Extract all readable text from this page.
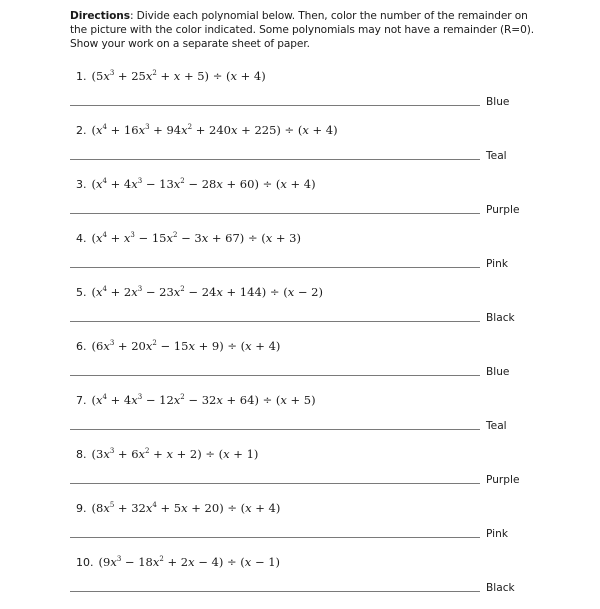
Directions: Divide each polynomial below. Then, color the number of the remainder on the picture with the color indicated. Some polynomials may not have a remainder (R=0). Show your work on a separate sheet of paper.
1. $(5x^3 + 25x^2 + x + 5) \div (x + 4)$
Blue
2. $(x^4 + 16x^3 + 94x^2 + 240x + 225) \div (x + 4)$
Teal
3. $(x^4 + 4x^3 - 13x^2 - 28x + 60) \div (x + 4)$
Purple
4. $(x^4 + x^3 - 15x^2 - 3x + 67) \div (x + 3)$
Pink
5. $(x^4 + 2x^3 - 23x^2 - 24x + 144) \div (x - 2)$
Black
6. $(6x^3 + 20x^2 - 15x + 9) \div (x + 4)$
Blue
7. $(x^4 + 4x^3 - 12x^2 - 32x + 64) \div (x + 5)$
Teal
8. $(3x^3 + 6x^2 + x + 2) \div (x + 1)$
Purple
9. $(8x^5 + 32x^4 + 5x + 20) \div (x + 4)$
Pink
10. $(9x^3 - 18x^2 + 2x - 4) \div (x - 1)$
Black
